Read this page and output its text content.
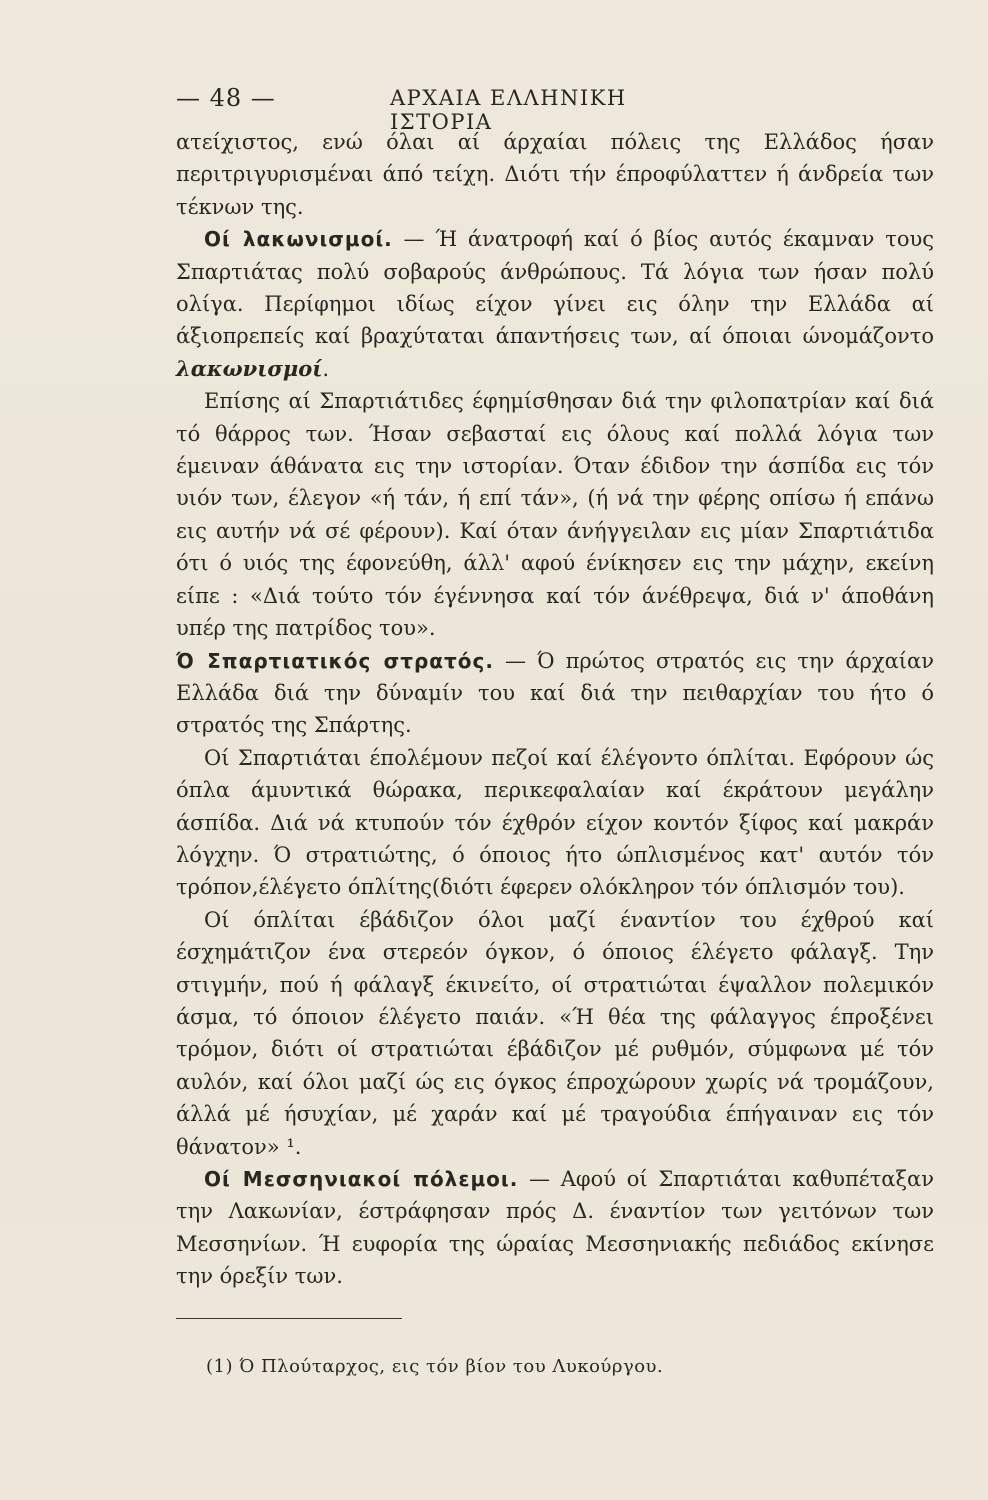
— 48 —	ΑΡΧΑΙΑ ΕΛΛΗΝΙΚΗ ΙΣΤΟΡΙΑ

ατείχιστος, ενώ όλαι αί άρχαίαι πόλεις της Ελλάδος ήσαν περιτριγυρισμέναι άπό τείχη. Διότι τήν έπροφύλαττεν ή άνδρεία των τέκνων της.

Οί λακωνισμοί. — Ή άνατροφή καί ό βίος αυτός έκαμναν τους Σπαρτιάτας πολύ σοβαρούς άνθρώπους. Τά λόγια των ήσαν πολύ ολίγα. Περίφημοι ιδίως είχον γίνει εις όλην την Ελλάδα αί άξιοπρεπείς καί βραχύταται άπαντήσεις των, αί όποιαι ώνομάζοντο λακωνισμοί.

Επίσης αί Σπαρτιάτιδες έφημίσθησαν διά την φιλοπατρίαν καί διά τό θάρρος των. Ήσαν σεβασταί εις όλους καί πολλά λόγια των έμειναν άθάνατα εις την ιστορίαν. Όταν έδιδον την άσπίδα εις τόν υιόν των, έλεγον «ή τάν, ή επί τάν», (ή νά την φέρης οπίσω ή επάνω εις αυτήν νά σέ φέρουν). Καί όταν άνήγγειλαν εις μίαν Σπαρτιάτιδα ότι ό υιός της έφονεύθη, άλλ' αφού ένίκησεν εις την μάχην, εκείνη είπε : «Διά τούτο τόν έγέννησα καί τόν άνέθρεψα, διά ν' άποθάνη υπέρ της πατρίδος του».

Ό Σπαρτιατικός στρατός. — Ό πρώτος στρατός εις την άρχαίαν Ελλάδα διά την δύναμίν του καί διά την πειθαρχίαν του ήτο ό στρατός της Σπάρτης.

Οί Σπαρτιάται έπολέμουν πεζοί καί έλέγοντο όπλίται. Εφόρουν ώς όπλα άμυντικά θώρακα, περικεφαλαίαν καί έκράτουν μεγάλην άσπίδα. Διά νά κτυπούν τόν έχθρόν είχον κοντόν ξίφος καί μακράν λόγχην. Ό στρατιώτης, ό όποιος ήτο ώπλισμένος κατ' αυτόν τόν τρόπον,έλέγετο όπλίτης(διότι έφερεν ολόκληρον τόν όπλισμόν του).

Οί όπλίται έβάδιζον όλοι μαζί έναντίον του έχθρού καί έσχημάτιζον ένα στερεόν όγκον, ό όποιος έλέγετο φάλαγξ. Την στιγμήν, πού ή φάλαγξ έκινείτο, οί στρατιώται έψαλλον πολεμικόν άσμα, τό όποιον έλέγετο παιάν. «Ή θέα της φάλαγγος έπροξένει τρόμον, διότι οί στρατιώται έβάδιζον μέ ρυθμόν, σύμφωνα μέ τόν αυλόν, καί όλοι μαζί ώς εις όγκος έπροχώρουν χωρίς νά τρομάζουν, άλλά μέ ήσυχίαν, μέ χαράν καί μέ τραγούδια έπήγαιναν εις τόν θάνατον» ¹.

Οί Μεσσηνιακοί πόλεμοι. — Αφού οί Σπαρτιάται καθυπέταξαν την Λακωνίαν, έστράφησαν πρός Δ. έναντίον των γειτόνων των Μεσσηνίων. Ή ευφορία της ώραίας Μεσσηνιακής πεδιάδος εκίνησε την όρεξίν των.

(1) Ό Πλούταρχος, εις τόν βίον του Λυκούργου.
